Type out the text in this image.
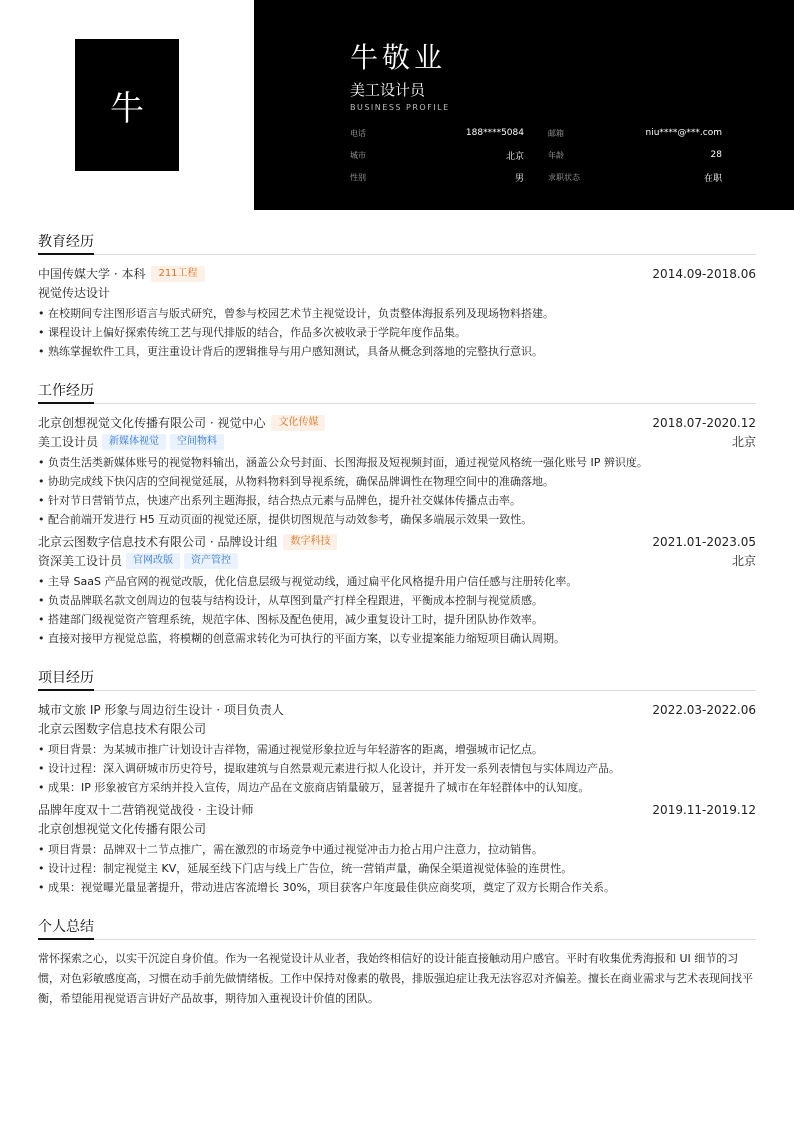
牛
牛敬业
美工设计员
BUSINESS PROFILE
电话	188****5084	邮箱	niu****@***.com
城市	北京	年龄	28
性别	男	求职状态	在职
教育经历
中国传媒大学 · 本科	211工程	2014.09-2018.06
视觉传达设计
• 在校期间专注图形语言与版式研究，曾参与校园艺术节主视觉设计，负责整体海报系列及现场物料搭建。
• 课程设计上偏好探索传统工艺与现代排版的结合，作品多次被收录于学院年度作品集。
• 熟练掌握软件工具，更注重设计背后的逻辑推导与用户感知测试，具备从概念到落地的完整执行意识。
工作经历
北京创想视觉文化传播有限公司 · 视觉中心	文化传媒	2018.07-2020.12
美工设计员	新媒体视觉	空间物料	北京
• 负责生活类新媒体账号的视觉物料输出，涵盖公众号封面、长图海报及短视频封面，通过视觉风格统一强化账号 IP 辨识度。
• 协助完成线下快闪店的空间视觉延展，从物料物料到导视系统，确保品牌调性在物理空间中的准确落地。
• 针对节日营销节点，快速产出系列主题海报，结合热点元素与品牌色，提升社交媒体传播点击率。
• 配合前端开发进行 H5 互动页面的视觉还原，提供切图规范与动效参考，确保多端展示效果一致性。
北京云图数字信息技术有限公司 · 品牌设计组	数字科技	2021.01-2023.05
资深美工设计员	官网改版	资产管控	北京
• 主导 SaaS 产品官网的视觉改版，优化信息层级与视觉动线，通过扁平化风格提升用户信任感与注册转化率。
• 负责品牌联名款文创周边的包装与结构设计，从草图到量产打样全程跟进，平衡成本控制与视觉质感。
• 搭建部门级视觉资产管理系统，规范字体、图标及配色使用，减少重复设计工时，提升团队协作效率。
• 直接对接甲方视觉总监，将模糊的创意需求转化为可执行的平面方案，以专业提案能力缩短项目确认周期。
项目经历
城市文旅 IP 形象与周边衍生设计 · 项目负责人	2022.03-2022.06
北京云图数字信息技术有限公司
• 项目背景：为某城市推广计划设计吉祥物，需通过视觉形象拉近与年轻游客的距离，增强城市记忆点。
• 设计过程：深入调研城市历史符号，提取建筑与自然景观元素进行拟人化设计，并开发一系列表情包与实体周边产品。
• 成果：IP 形象被官方采纳并投入宣传，周边产品在文旅商店销量破万，显著提升了城市在年轻群体中的认知度。
品牌年度双十二营销视觉战役 · 主设计师	2019.11-2019.12
北京创想视觉文化传播有限公司
• 项目背景：品牌双十二节点推广，需在激烈的市场竞争中通过视觉冲击力抢占用户注意力，拉动销售。
• 设计过程：制定视觉主 KV，延展至线下门店与线上广告位，统一营销声量，确保全渠道视觉体验的连贯性。
• 成果：视觉曝光量显著提升，带动进店客流增长 30%，项目获客户年度最佳供应商奖项，奠定了双方长期合作关系。
个人总结

常怀探索之心，以实干沉淀自身价值。作为一名视觉设计从业者，我始终相信好的设计能直接触动用户感官。平时有收集优秀海报和 UI 细节的习惯，对色彩敏感度高，习惯在动手前先做情绪板。工作中保持对像素的敬畏，排版强迫症让我无法容忍对齐偏差。擅长在商业需求与艺术表现间找平衡，希望能用视觉语言讲好产品故事，期待加入重视设计价值的团队。
